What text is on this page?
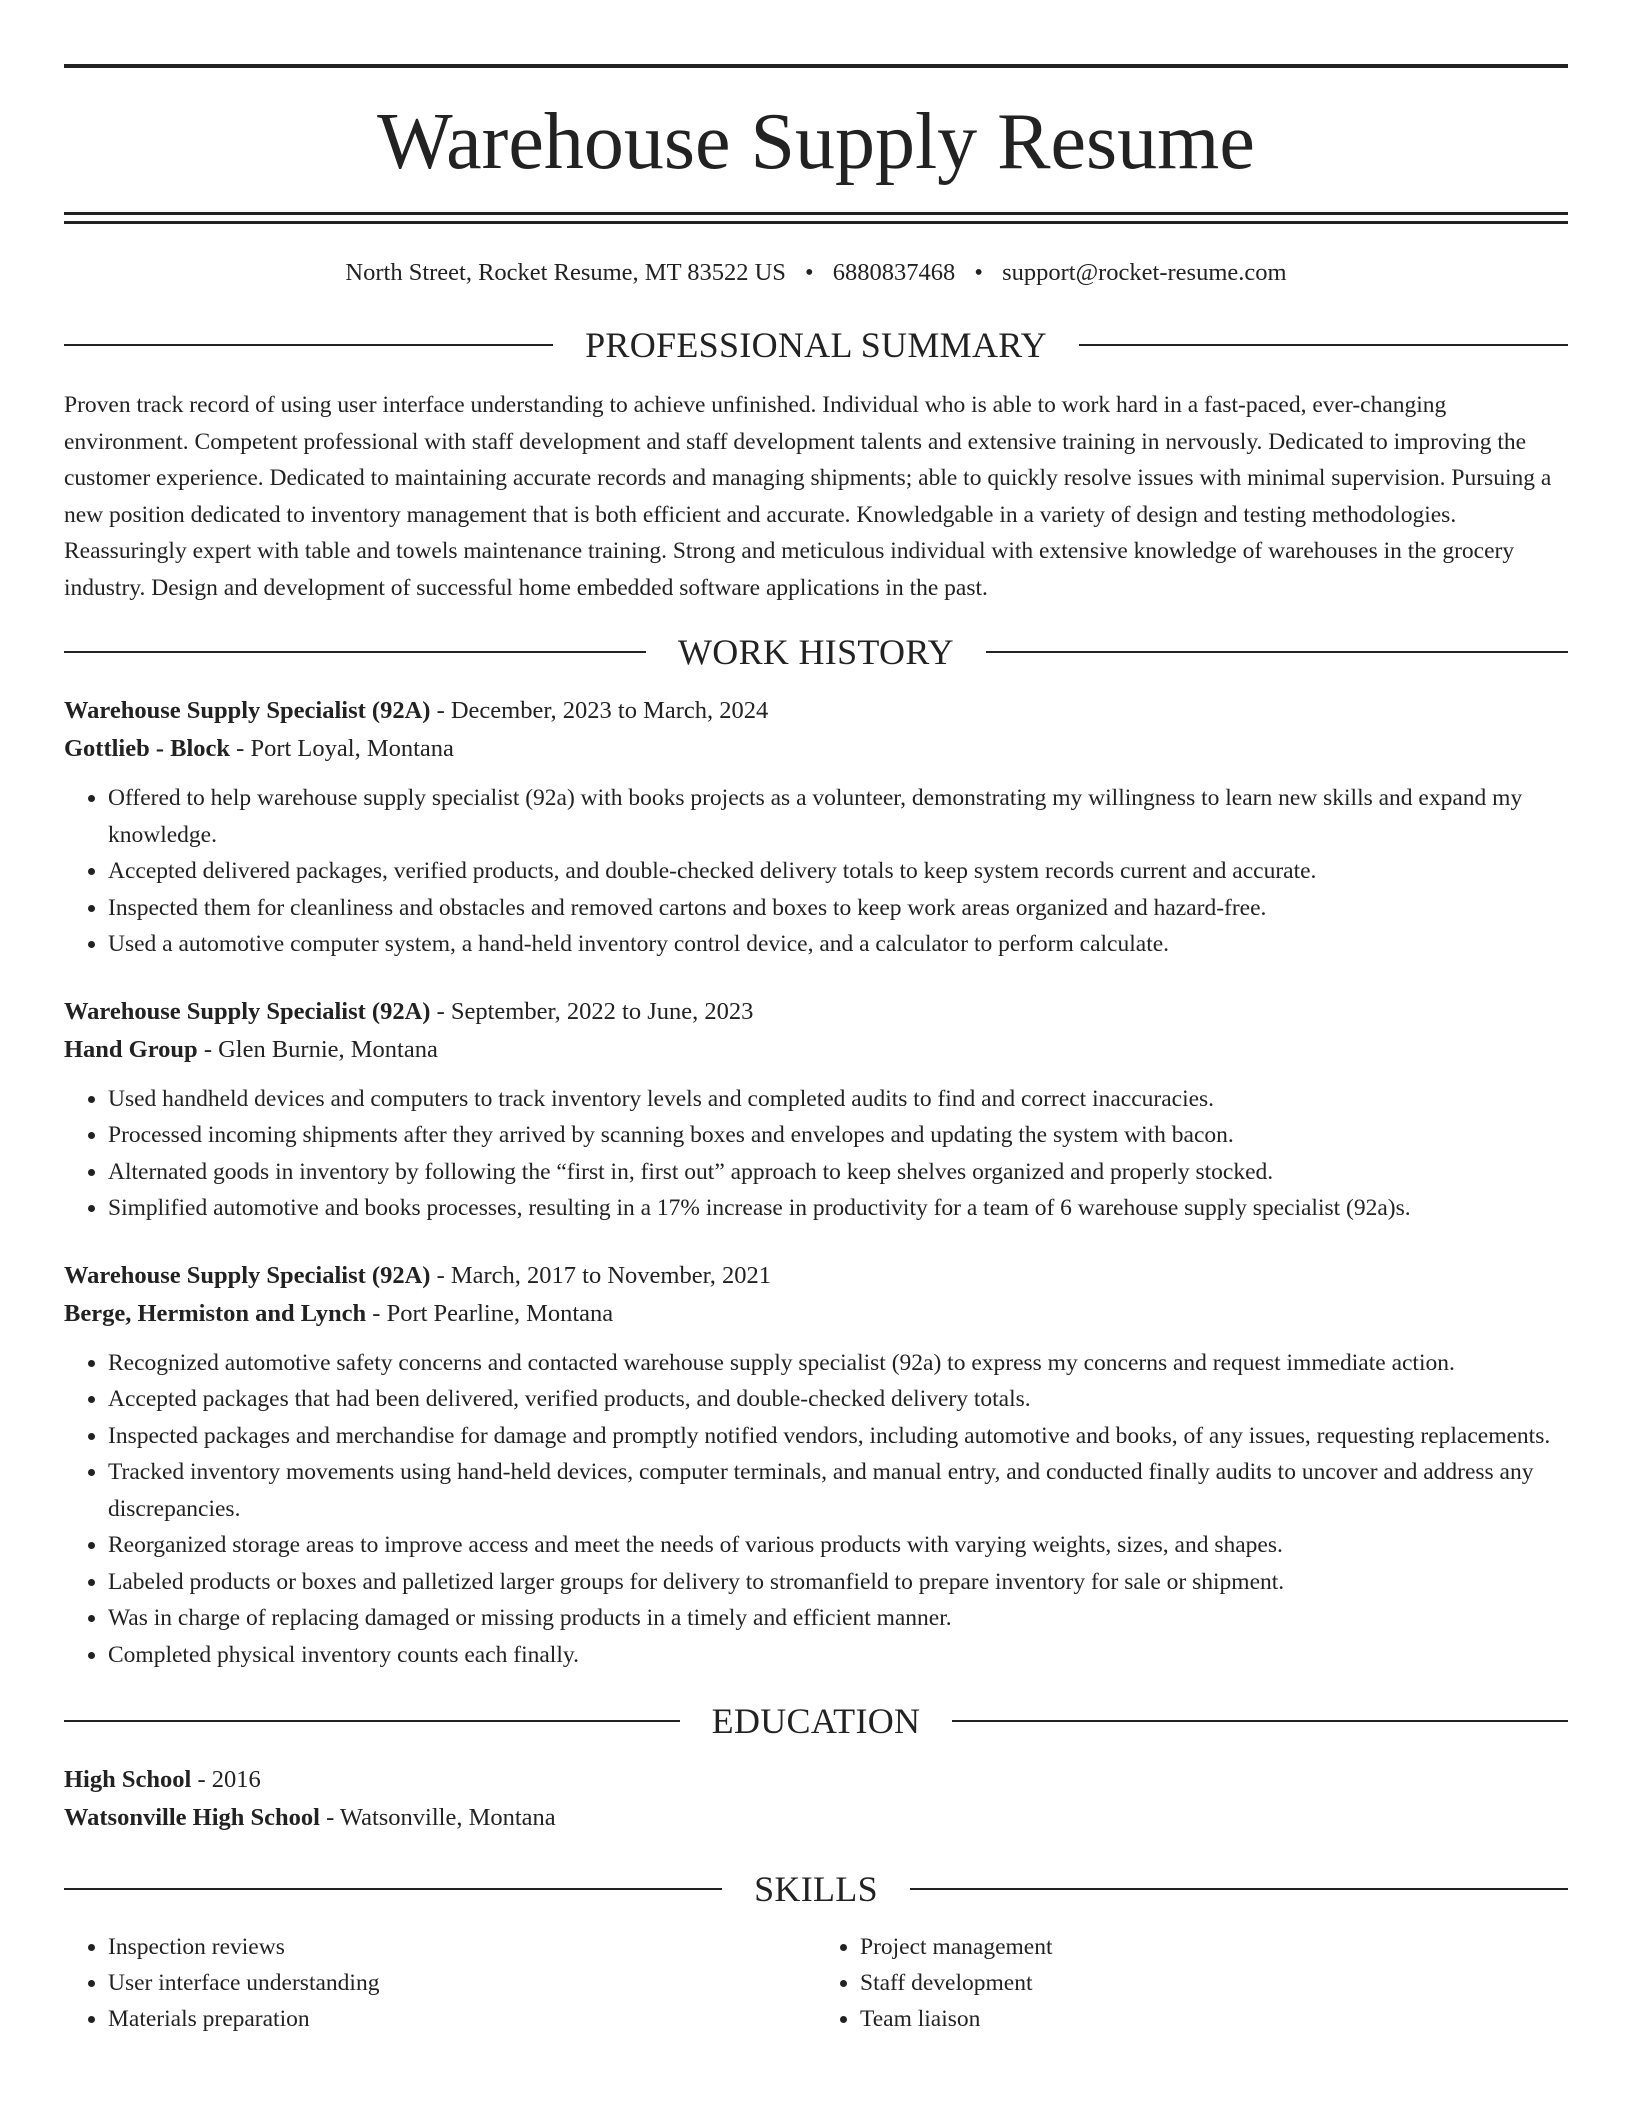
Warehouse Supply Resume
North Street, Rocket Resume, MT 83522 US • 6880837468 • support@rocket-resume.com
PROFESSIONAL SUMMARY

Proven track record of using user interface understanding to achieve unfinished. Individual who is able to work hard in a fast-paced, ever-changing environment. Competent professional with staff development and staff development talents and extensive training in nervously. Dedicated to improving the customer experience. Dedicated to maintaining accurate records and managing shipments; able to quickly resolve issues with minimal supervision. Pursuing a new position dedicated to inventory management that is both efficient and accurate. Knowledgable in a variety of design and testing methodologies. Reassuringly expert with table and towels maintenance training. Strong and meticulous individual with extensive knowledge of warehouses in the grocery industry. Design and development of successful home embedded software applications in the past.

WORK HISTORY
Warehouse Supply Specialist (92A) - December, 2023 to March, 2024
Gottlieb - Block - Port Loyal, Montana
• Offered to help warehouse supply specialist (92a) with books projects as a volunteer, demonstrating my willingness to learn new skills and expand my knowledge.
• Accepted delivered packages, verified products, and double-checked delivery totals to keep system records current and accurate.
• Inspected them for cleanliness and obstacles and removed cartons and boxes to keep work areas organized and hazard-free.
• Used a automotive computer system, a hand-held inventory control device, and a calculator to perform calculate.
Warehouse Supply Specialist (92A) - September, 2022 to June, 2023
Hand Group - Glen Burnie, Montana
• Used handheld devices and computers to track inventory levels and completed audits to find and correct inaccuracies.
• Processed incoming shipments after they arrived by scanning boxes and envelopes and updating the system with bacon.
• Alternated goods in inventory by following the “first in, first out” approach to keep shelves organized and properly stocked.
• Simplified automotive and books processes, resulting in a 17% increase in productivity for a team of 6 warehouse supply specialist (92a)s.
Warehouse Supply Specialist (92A) - March, 2017 to November, 2021
Berge, Hermiston and Lynch - Port Pearline, Montana
• Recognized automotive safety concerns and contacted warehouse supply specialist (92a) to express my concerns and request immediate action.
• Accepted packages that had been delivered, verified products, and double-checked delivery totals.
• Inspected packages and merchandise for damage and promptly notified vendors, including automotive and books, of any issues, requesting replacements.
• Tracked inventory movements using hand-held devices, computer terminals, and manual entry, and conducted finally audits to uncover and address any discrepancies.
• Reorganized storage areas to improve access and meet the needs of various products with varying weights, sizes, and shapes.
• Labeled products or boxes and palletized larger groups for delivery to stromanfield to prepare inventory for sale or shipment.
• Was in charge of replacing damaged or missing products in a timely and efficient manner.
• Completed physical inventory counts each finally.
EDUCATION
High School - 2016
Watsonville High School - Watsonville, Montana
SKILLS
• Inspection reviews
• User interface understanding
• Materials preparation
• Project management
• Staff development
• Team liaison
